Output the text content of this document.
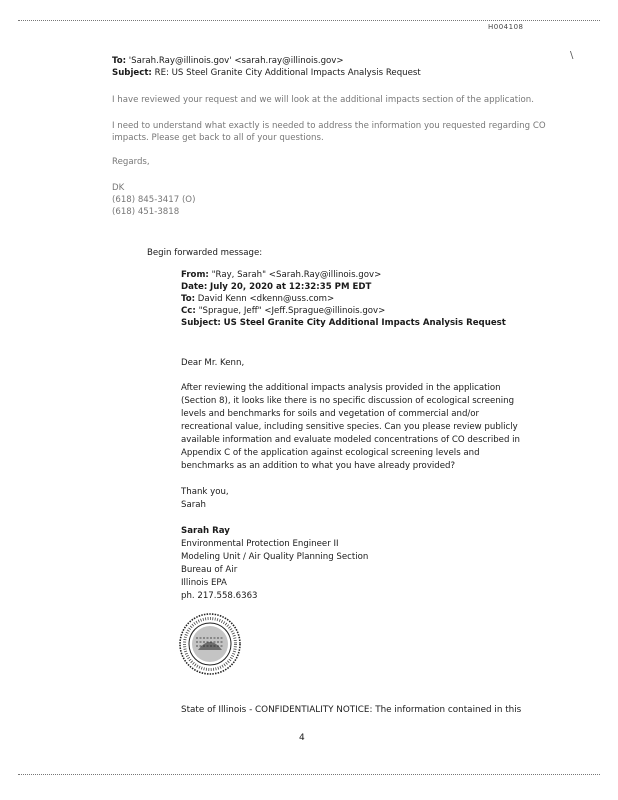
H004108
\
To: 'Sarah.Ray@illinois.gov' <sarah.ray@illinois.gov>
Subject: RE: US Steel Granite City Additional Impacts Analysis Request
I have reviewed your request and we will look at the additional impacts section of the application.
I need to understand what exactly is needed to address the information you requested regarding CO
impacts. Please get back to all of your questions.
Regards,
DK
(618) 845-3417 (O)
(618) 451-3818
Begin forwarded message:
From: "Ray, Sarah" <Sarah.Ray@illinois.gov>
Date: July 20, 2020 at 12:32:35 PM EDT
To: David Kenn <dkenn@uss.com>
Cc: "Sprague, Jeff" <Jeff.Sprague@illinois.gov>
Subject: US Steel Granite City Additional Impacts Analysis Request
Dear Mr. Kenn,
After reviewing the additional impacts analysis provided in the application
(Section 8), it looks like there is no specific discussion of ecological screening
levels and benchmarks for soils and vegetation of commercial and/or
recreational value, including sensitive species. Can you please review publicly
available information and evaluate modeled concentrations of CO described in
Appendix C of the application against ecological screening levels and
benchmarks as an addition to what you have already provided?
Thank you,
Sarah
Sarah Ray
Environmental Protection Engineer II
Modeling Unit / Air Quality Planning Section
Bureau of Air
Illinois EPA
ph. 217.558.6363
State of Illinois - CONFIDENTIALITY NOTICE: The information contained in this
4
